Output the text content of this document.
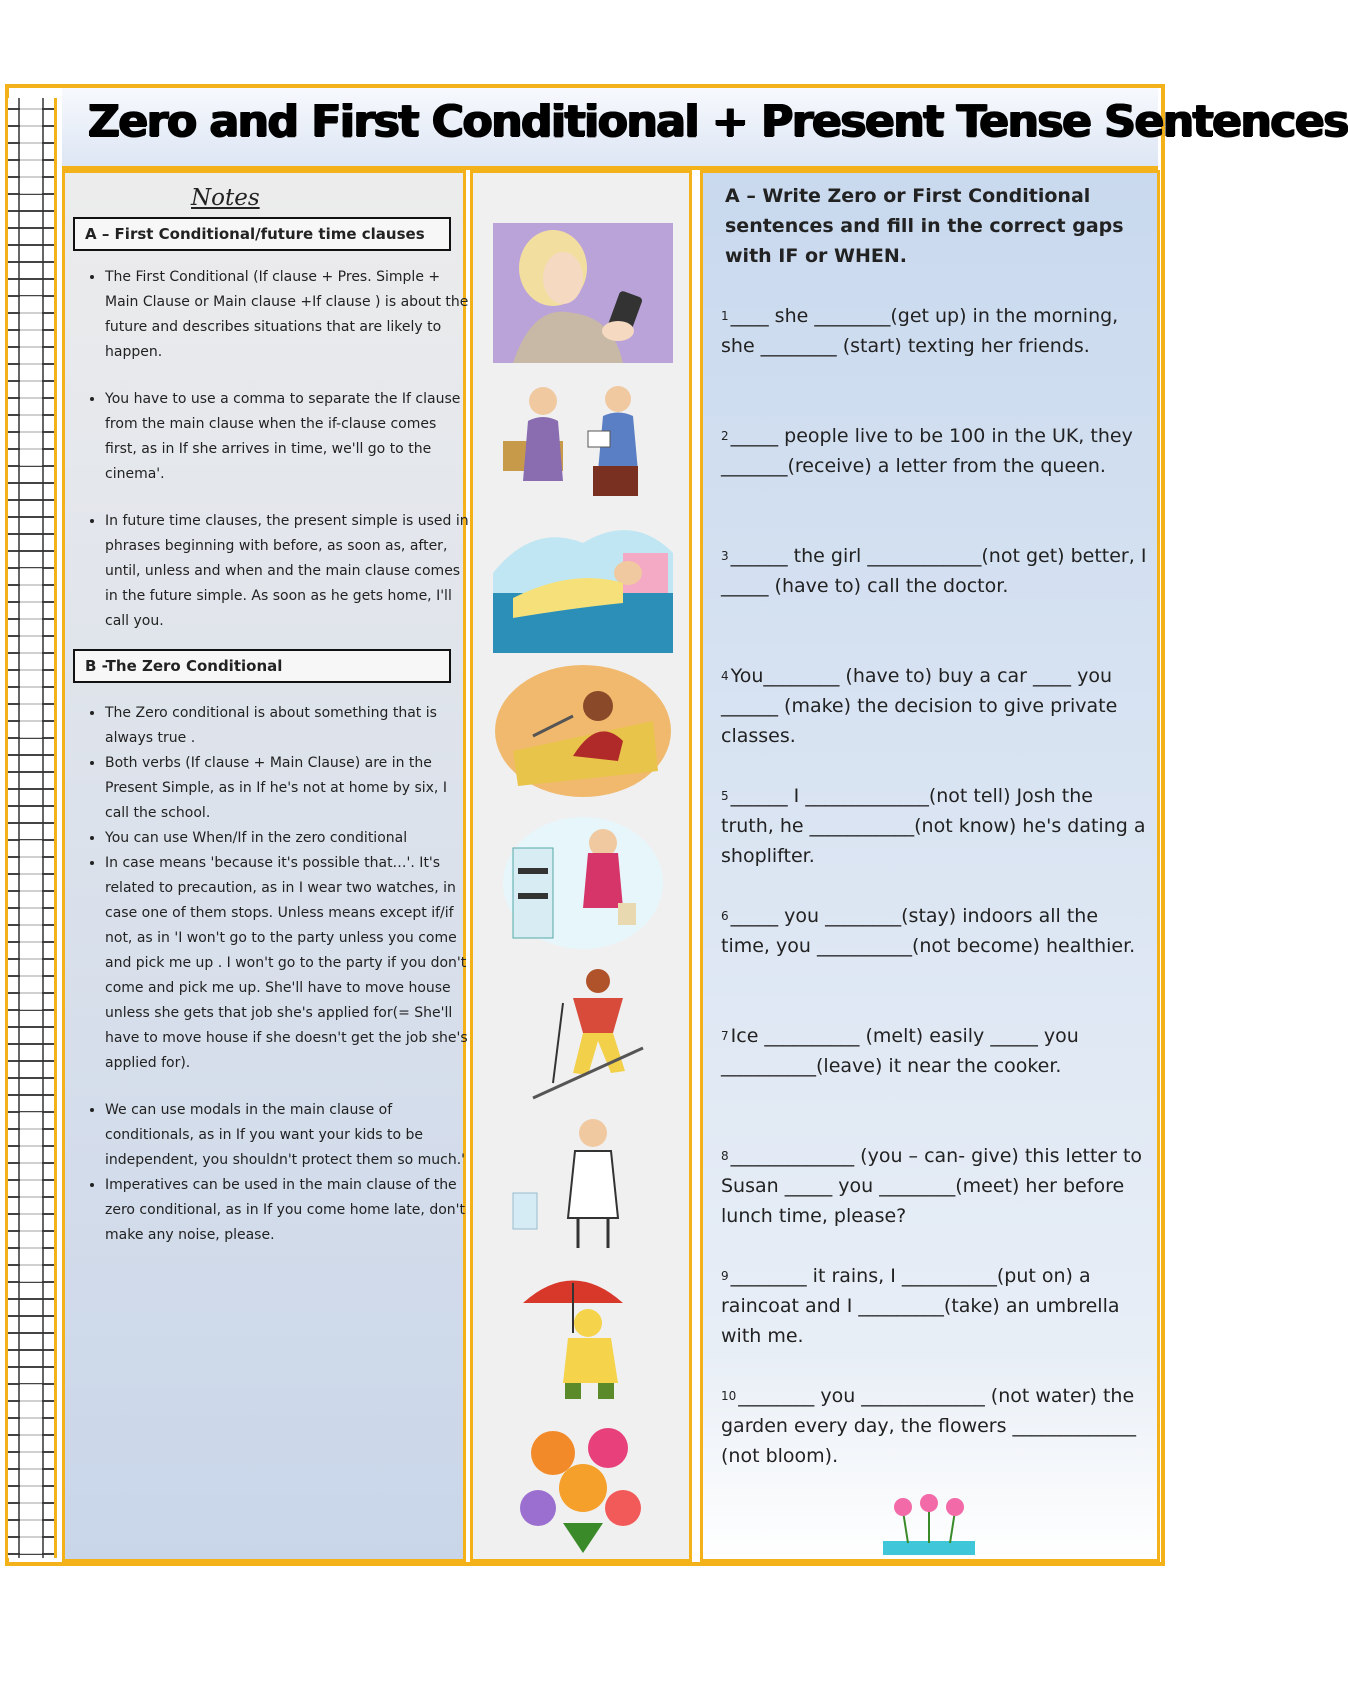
Zero and First Conditional + Present Tense Sentences
Notes
A – First Conditional/future time clauses
• The First Conditional (If clause + Pres. Simple + Main Clause or Main clause +If clause ) is about the future and describes situations that are likely to happen.
• You have to use a comma to separate the If clause from the main clause when the if-clause comes first, as in If she arrives in time, we'll go to the cinema'.
• In future time clauses, the present simple is used in phrases beginning with before, as soon as, after, until, unless and when and the main clause comes in the future simple. As soon as he gets home, I'll call you.
B -The Zero Conditional
• The Zero conditional is about something that is always true .
• Both verbs (If clause + Main Clause) are in the Present Simple, as in If he's not at home by six, I call the school.
• You can use When/If in the zero conditional
• In case means 'because it's possible that…'. It's related to precaution, as in I wear two watches, in case one of them stops. Unless means except if/if not, as in 'I won't go to the party unless you come and pick me up . I won't go to the party if you don't come and pick me up. She'll have to move house unless she gets that job she's applied for(= She'll have to move house if she doesn't get the job she's applied for).
• We can use modals in the main clause of conditionals, as in If you want your kids to be independent, you shouldn't protect them so much.'
• Imperatives can be used in the main clause of the zero conditional, as in If you come home late, don't make any noise, please.
A – Write Zero or First Conditional sentences and fill in the correct gaps with IF or WHEN.
$^1$ ____ she ________(get up) in the morning, she ________ (start) texting her friends.
$^2$ _____ people live to be 100 in the UK, they _______(receive) a letter from the queen.
$^3$ ______ the girl ____________(not get) better, I _____ (have to) call the doctor.
$^4$ You________ (have to) buy a car ____ you ______ (make) the decision to give private classes.
$^5$ ______ I _____________(not tell) Josh the truth, he ___________(not know) he's dating a shoplifter.
$^6$ _____ you ________(stay) indoors all the time, you __________(not become) healthier.
$^7$ Ice __________ (melt) easily _____ you __________(leave) it near the cooker.
$^8$ _____________ (you – can- give) this letter to Susan _____ you ________(meet) her before lunch time, please?
$^9$ ________ it rains, I __________(put on) a raincoat and I _________(take) an umbrella with me.
$^{10}$ ________ you _____________ (not water) the garden every day, the flowers _____________ (not bloom).
